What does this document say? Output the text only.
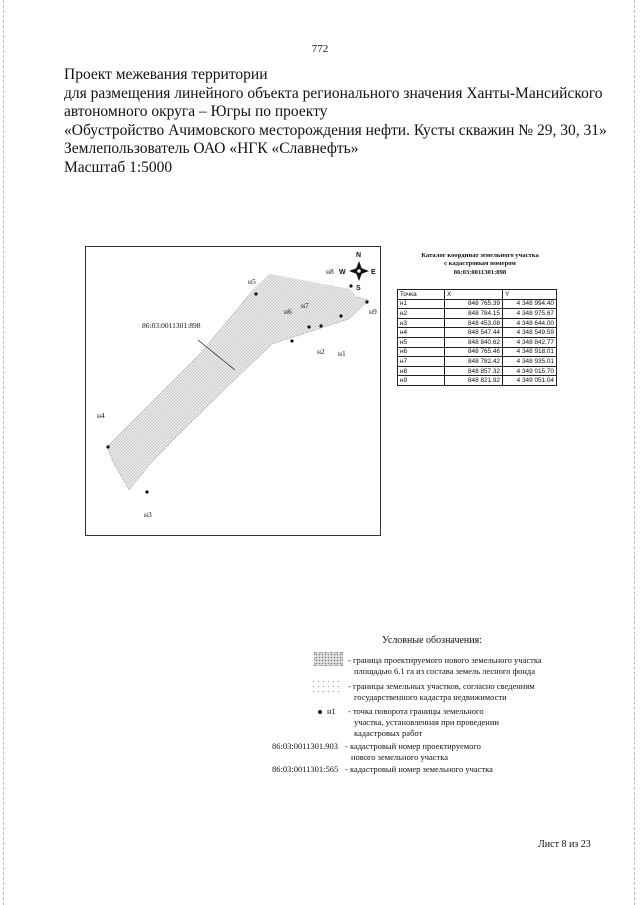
772
Проект межевания территории
для размещения линейного объекта регионального значения Ханты-Мансийского
автономного округа – Югры по проекту
«Обустройство Ачимовского месторождения нефти. Кусты скважин № 29, 30, 31»
Землепользователь ОАО «НГК «Славнефть»
Масштаб 1:5000
86:03:0011301:898
н5
н6
н7
н2 н1
н8
н9
н4
н3
N
S
W	E
Каталог координат земельного участка
с кадастровым номером
86:03:0011301:898
Точка	X	Y
н1	848 765.39	4 348 994.40
н2	848 784.15	4 348 975.67
н3	848 453.08	4 348 644.00
н4	848 547.44	4 348 549.59
н5	848 840.62	4 348 842.77
н6	848 765.46	4 348 918.01
н7	848 782.42	4 348 935.01
н8	848 857.32	4 349 015.70
н9	848 821.92	4 349 051.04
Условные обозначения:
- граница проектируемого нового земельного участка
площадью 6.1 га из состава земель лесного фонда
- границы земельных участков, согласно сведениям
государственного кадастра недвижимости
н1 - точка поворота границы земельного
участка, установленная при проведении
кадастровых работ
86:03:0011301.903 - кадастровый номер проектируемого
нового земельного участка
86:03:0011301:565 - кадастровый номер земельного участка
Лист 8 из 23
